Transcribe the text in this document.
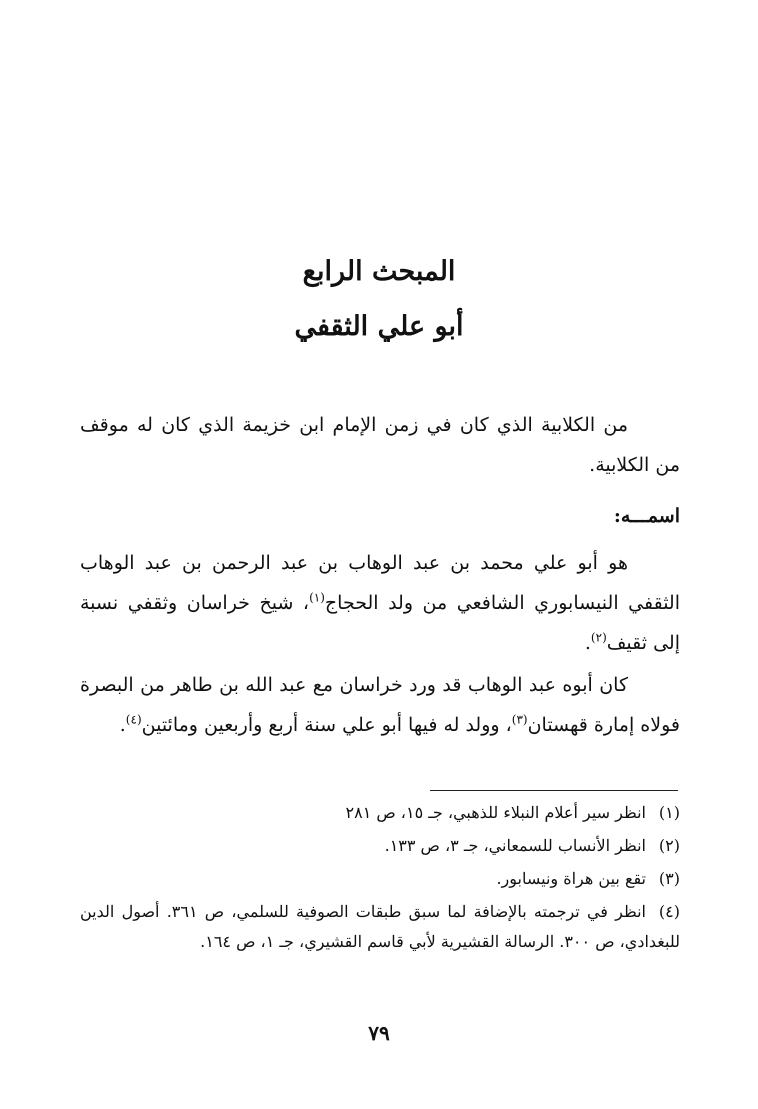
المبحث الرابع
أبو علي الثقفي

من الكلابية الذي كان في زمن الإمام ابن خزيمة الذي كان له موقف من الكلابية.

اسمـــه:

هو أبو علي محمد بن عبد الوهاب بن عبد الرحمن بن عبد الوهاب الثقفي النيسابوري الشافعي من ولد الحجاج$^{(١)}$، شيخ خراسان وثقفي نسبة إلى ثقيف$^{(٢)}$.

كان أبوه عبد الوهاب قد ورد خراسان مع عبد الله بن طاهر من البصرة فولاه إمارة قهستان$^{(٣)}$، وولد له فيها أبو علي سنة أربع وأربعين ومائتين$^{(٤)}$.

(١)انظر سير أعلام النبلاء للذهبي، جـ ١٥، ص ٢٨١
(٢)انظر الأنساب للسمعاني، جـ ٣، ص ١٣٣.
(٣)تقع بين هراة ونيسابور.
(٤)انظر في ترجمته بالإضافة لما سبق طبقات الصوفية للسلمي، ص ٣٦١. أصول الدين للبغدادي، ص ٣٠٠. الرسالة القشيرية لأبي قاسم القشيري، جـ ١، ص ١٦٤.
٧٩
